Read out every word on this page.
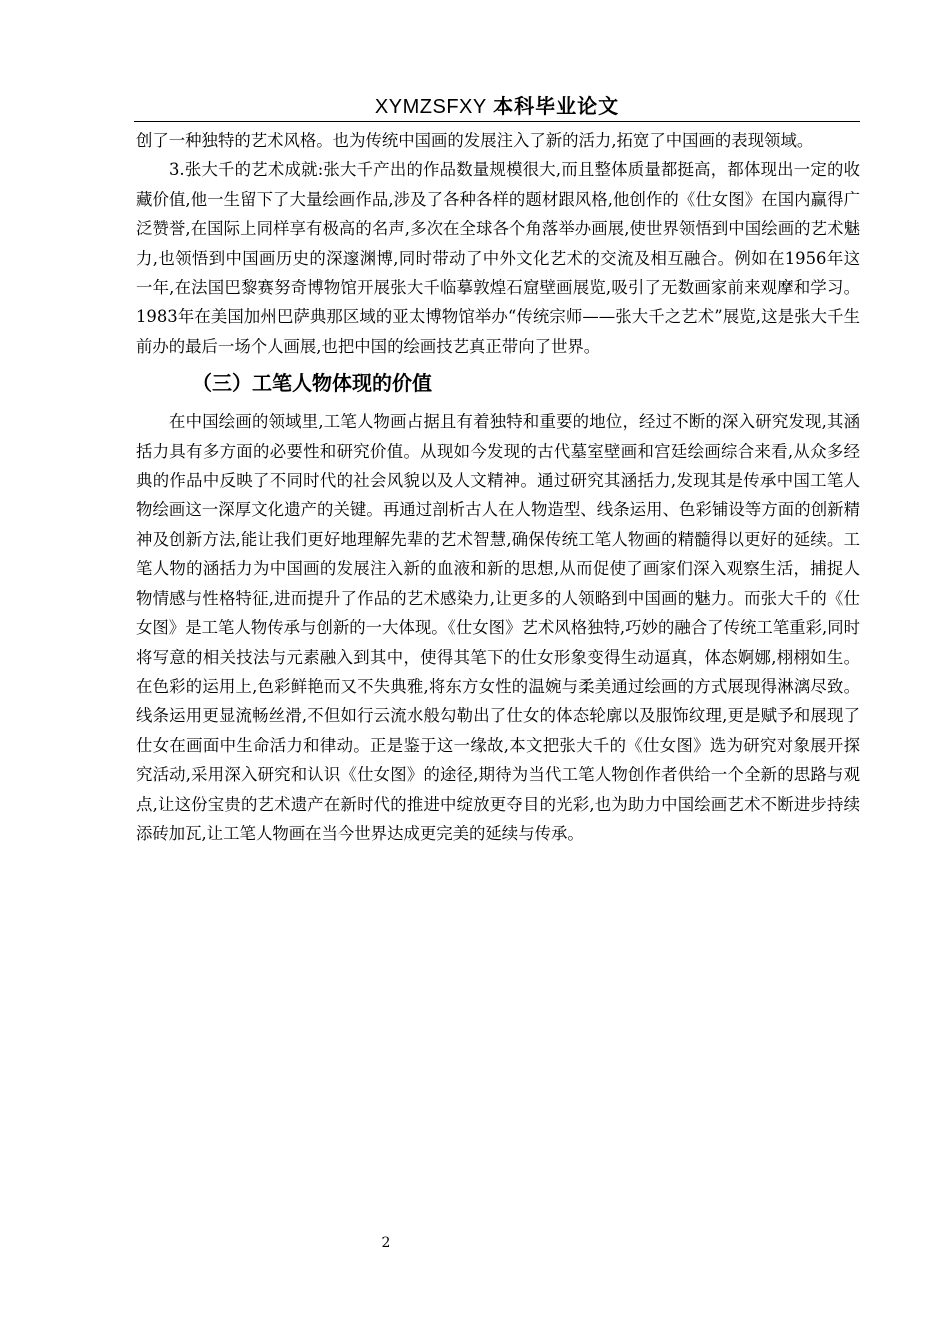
XYMZSFXY 本科毕业论文

创了一种独特的艺术风格。也为传统中国画的发展注入了新的活力,拓宽了中国画的表现领域。

3.张大千的艺术成就:张大千产出的作品数量规模很大,而且整体质量都挺高，都体现出一定的收藏价值,他一生留下了大量绘画作品,涉及了各种各样的题材跟风格,他创作的《仕女图》在国内赢得广泛赞誉,在国际上同样享有极高的名声,多次在全球各个角落举办画展,使世界领悟到中国绘画的艺术魅力,也领悟到中国画历史的深邃渊博,同时带动了中外文化艺术的交流及相互融合。例如在1956年这一年,在法国巴黎赛努奇博物馆开展张大千临摹敦煌石窟壁画展览,吸引了无数画家前来观摩和学习。1983年在美国加州巴萨典那区域的亚太博物馆举办“传统宗师——张大千之艺术”展览,这是张大千生前办的最后一场个人画展,也把中国的绘画技艺真正带向了世界。

（三）工笔人物体现的价值

在中国绘画的领域里,工笔人物画占据且有着独特和重要的地位，经过不断的深入研究发现,其涵括力具有多方面的必要性和研究价值。从现如今发现的古代墓室壁画和宫廷绘画综合来看,从众多经典的作品中反映了不同时代的社会风貌以及人文精神。通过研究其涵括力,发现其是传承中国工笔人物绘画这一深厚文化遗产的关键。再通过剖析古人在人物造型、线条运用、色彩铺设等方面的创新精神及创新方法,能让我们更好地理解先辈的艺术智慧,确保传统工笔人物画的精髓得以更好的延续。工笔人物的涵括力为中国画的发展注入新的血液和新的思想,从而促使了画家们深入观察生活，捕捉人物情感与性格特征,进而提升了作品的艺术感染力,让更多的人领略到中国画的魅力。而张大千的《仕女图》是工笔人物传承与创新的一大体现。《仕女图》艺术风格独特,巧妙的融合了传统工笔重彩,同时将写意的相关技法与元素融入到其中，使得其笔下的仕女形象变得生动逼真，体态婀娜,栩栩如生。在色彩的运用上,色彩鲜艳而又不失典雅,将东方女性的温婉与柔美通过绘画的方式展现得淋漓尽致。线条运用更显流畅丝滑,不但如行云流水般勾勒出了仕女的体态轮廓以及服饰纹理,更是赋予和展现了仕女在画面中生命活力和律动。正是鉴于这一缘故,本文把张大千的《仕女图》选为研究对象展开探究活动,采用深入研究和认识《仕女图》的途径,期待为当代工笔人物创作者供给一个全新的思路与观点,让这份宝贵的艺术遗产在新时代的推进中绽放更夺目的光彩,也为助力中国绘画艺术不断进步持续添砖加瓦,让工笔人物画在当今世界达成更完美的延续与传承。

2
